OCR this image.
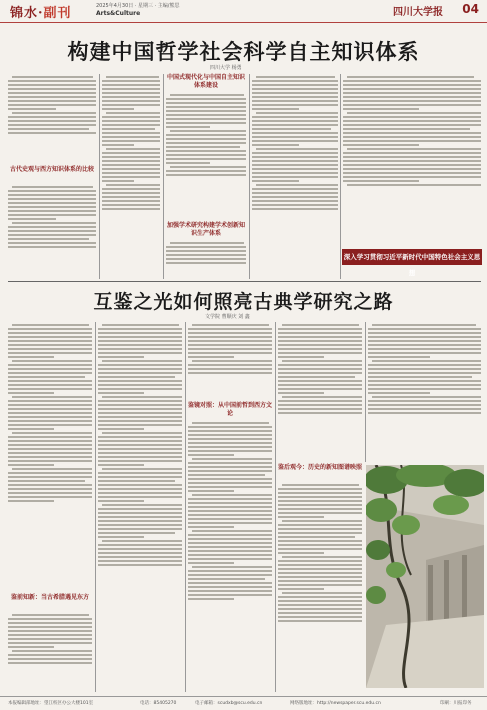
锦水·副刊	2025年4月30日 · 星期三 · 主编/熊思
Arts&Culture	四川大学报 04
构建中国哲学社会科学自主知识体系
四川大学 杨勇
古代史观与西方知识体系的比较
中国式现代化与中国自主知识体系建设
加强学术研究构建学术创新知识生产体系
深入学习贯彻习近平新时代中国特色社会主义思想
互鉴之光如何照亮古典学研究之路
文学院 曹顺庆 刘 鑫
鉴前知新：当古希腊遇见东方
鉴镜对照：从中国前哲到西方文论
鉴后观今：历史的新知图谱映照
本报编辑部地址：望江校区办公大楼101室	电话：85405270	电子邮箱：scudxb@scu.edu.cn	网络版地址：http://newspaper.scu.edu.cn	印刷：川报印务
